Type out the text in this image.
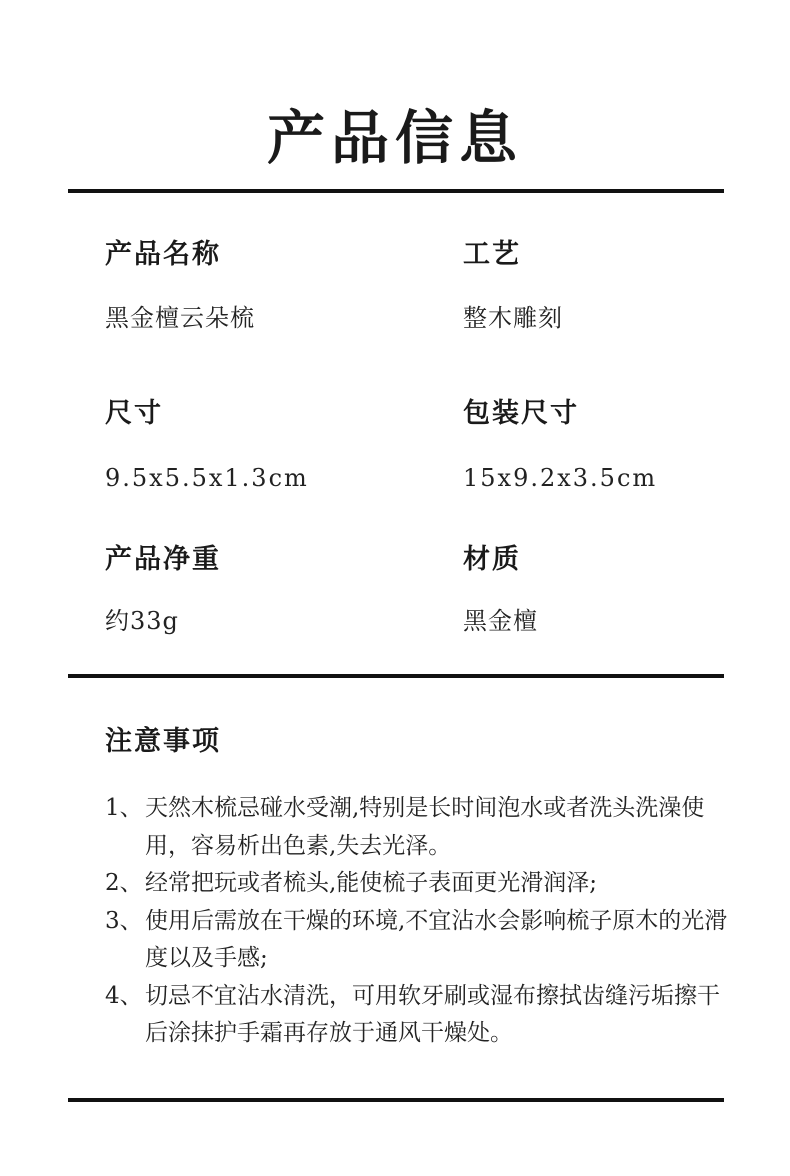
产品信息
产品名称
黑金檀云朵梳
工艺
整木雕刻
尺寸
9.5x5.5x1.3cm
包装尺寸
15x9.2x3.5cm
产品净重
约33g
材质
黑金檀
注意事项

1、 天然木梳忌碰水受潮,特别是长时间泡水或者洗头洗澡使用，容易析出色素,失去光泽。

2、 经常把玩或者梳头,能使梳子表面更光滑润泽;

3、 使用后需放在干燥的环境,不宜沾水会影响梳子原木的光滑度以及手感;

4、 切忌不宜沾水清洗，可用软牙刷或湿布擦拭齿缝污垢擦干后涂抹护手霜再存放于通风干燥处。
